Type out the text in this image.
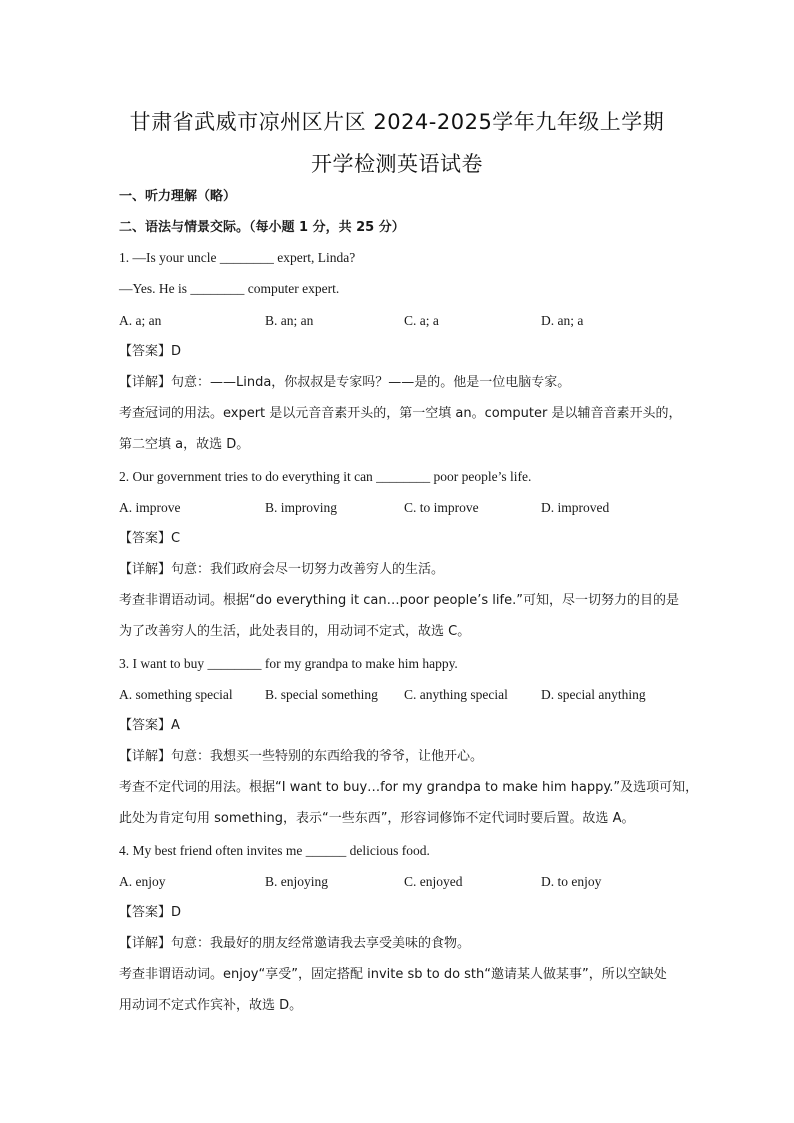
甘肃省武威市凉州区片区 2024-2025学年九年级上学期
开学检测英语试卷
一、听力理解（略）
二、语法与情景交际。（每小题 1 分，共 25 分）
1. —Is your uncle ________ expert, Linda?
—Yes. He is ________ computer expert.
A. a; an	B. an; an	C. a; a	D. an; a
【答案】D
【详解】句意：——Linda，你叔叔是专家吗？——是的。他是一位电脑专家。
考查冠词的用法。expert 是以元音音素开头的，第一空填 an。computer 是以辅音音素开头的，
第二空填 a，故选 D。
2. Our government tries to do everything it can ________ poor people’s life.
A. improve	B. improving	C. to improve	D. improved
【答案】C
【详解】句意：我们政府会尽一切努力改善穷人的生活。
考查非谓语动词。根据“do everything it can…poor people’s life.”可知，尽一切努力的目的是
为了改善穷人的生活，此处表目的，用动词不定式，故选 C。
3. I want to buy ________ for my grandpa to make him happy.
A. something special B. special something C. anything special D. special anything
【答案】A
【详解】句意：我想买一些特别的东西给我的爷爷，让他开心。
考查不定代词的用法。根据“I want to buy…for my grandpa to make him happy.”及选项可知，
此处为肯定句用 something，表示“一些东西”，形容词修饰不定代词时要后置。故选 A。
4. My best friend often invites me ______ delicious food.
A. enjoy	B. enjoying	C. enjoyed	D. to enjoy
【答案】D
【详解】句意：我最好的朋友经常邀请我去享受美味的食物。
考查非谓语动词。enjoy“享受”，固定搭配 invite sb to do sth“邀请某人做某事”，所以空缺处
用动词不定式作宾补，故选 D。
